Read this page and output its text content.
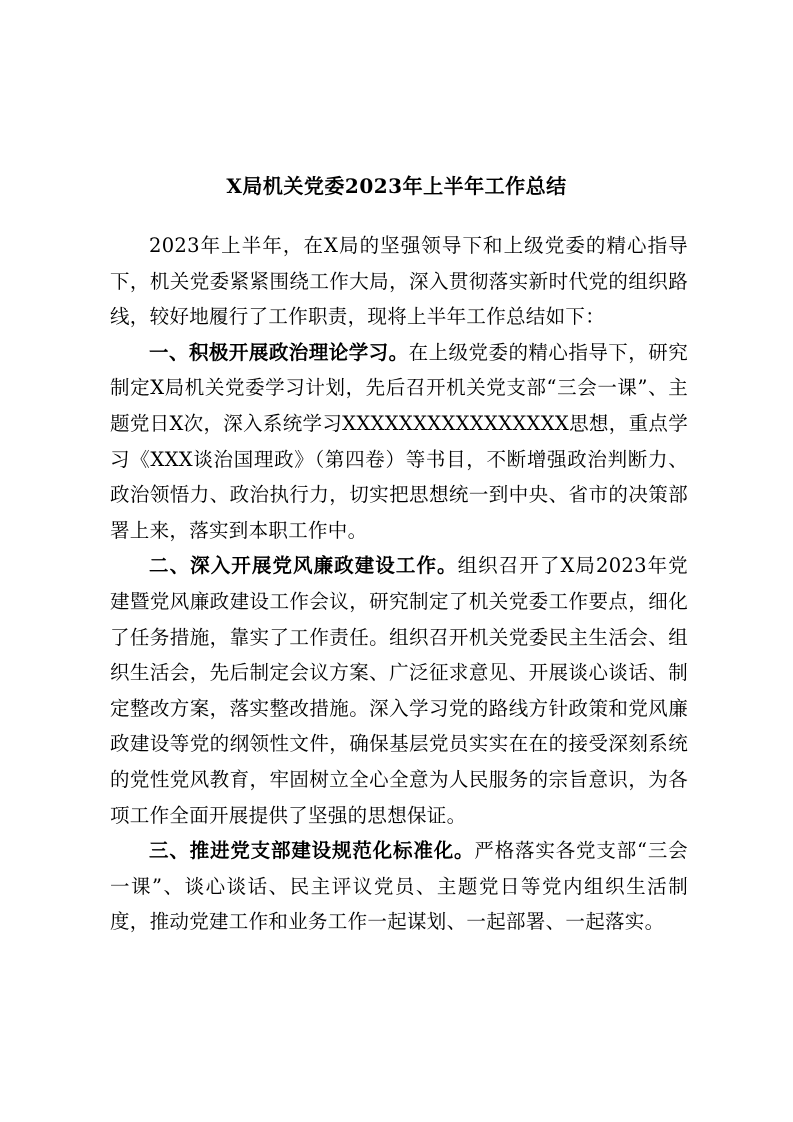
X局机关党委2023年上半年工作总结

2023年上半年，在X局的坚强领导下和上级党委的精心指导下，机关党委紧紧围绕工作大局，深入贯彻落实新时代党的组织路线，较好地履行了工作职责，现将上半年工作总结如下：

一、积极开展政治理论学习。在上级党委的精心指导下，研究制定X局机关党委学习计划，先后召开机关党支部“三会一课”、主题党日X次，深入系统学习XXXXXXXXXXXXXXXX思想，重点学习《XXX谈治国理政》（第四卷）等书目，不断增强政治判断力、政治领悟力、政治执行力，切实把思想统一到中央、省市的决策部署上来，落实到本职工作中。

二、深入开展党风廉政建设工作。组织召开了X局2023年党建暨党风廉政建设工作会议，研究制定了机关党委工作要点，细化了任务措施，靠实了工作责任。组织召开机关党委民主生活会、组织生活会，先后制定会议方案、广泛征求意见、开展谈心谈话、制定整改方案，落实整改措施。深入学习党的路线方针政策和党风廉政建设等党的纲领性文件，确保基层党员实实在在的接受深刻系统的党性党风教育，牢固树立全心全意为人民服务的宗旨意识，为各项工作全面开展提供了坚强的思想保证。

三、推进党支部建设规范化标准化。严格落实各党支部“三会一课”、谈心谈话、民主评议党员、主题党日等党内组织生活制度，推动党建工作和业务工作一起谋划、一起部署、一起落实。
